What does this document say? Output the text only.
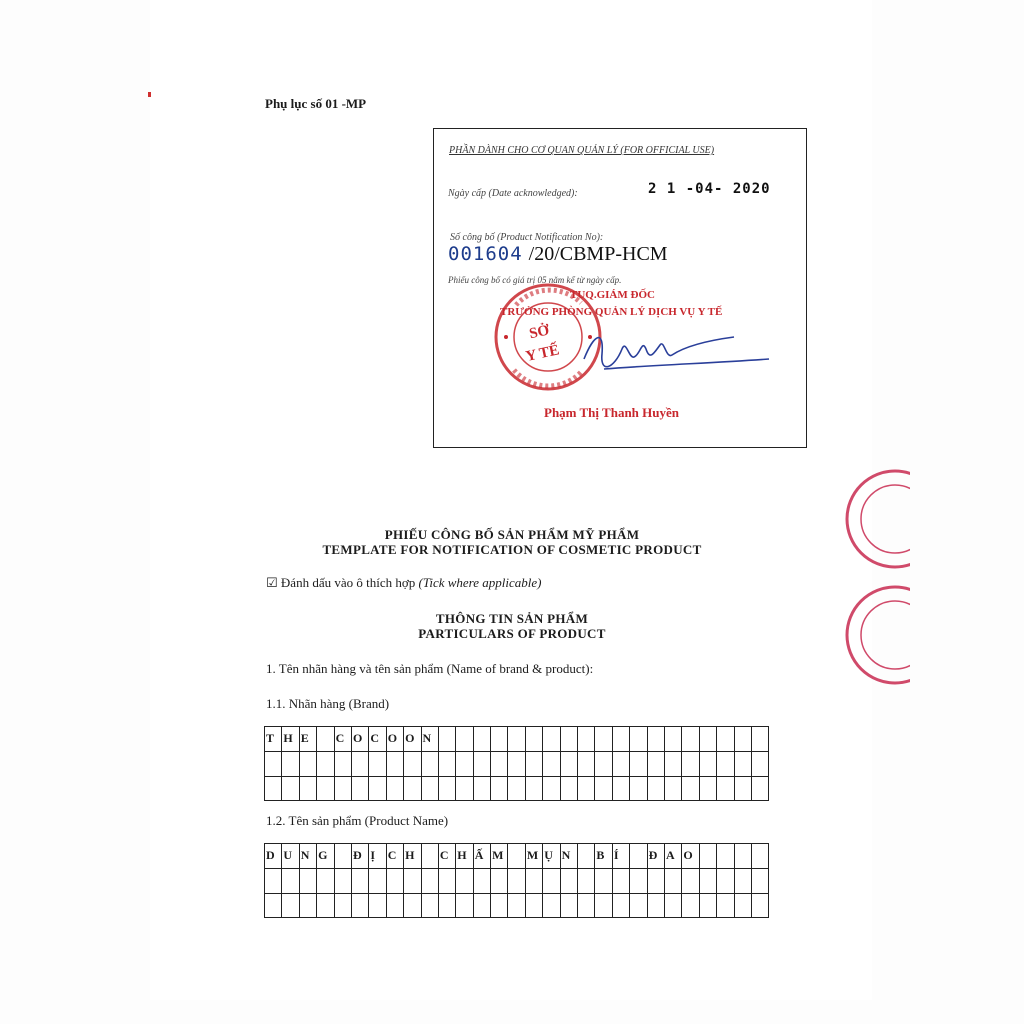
Phụ lục số 01 -MP
PHẦN DÀNH CHO CƠ QUAN QUẢN LÝ (FOR OFFICIAL USE)
Ngày cấp (Date acknowledged):	2 1 -04- 2020
Số công bố (Product Notification No):
001604 /20/CBMP-HCM
Phiếu công bố có giá trị 05 năm kể từ ngày cấp.
TUQ.GIÁM ĐỐC
TRƯỞNG PHÒNG QUẢN LÝ DỊCH VỤ Y TẾ
SỞ
Y TẾ
Phạm Thị Thanh Huyền
PHIẾU CÔNG BỐ SẢN PHẨM MỸ PHẨM
TEMPLATE FOR NOTIFICATION OF COSMETIC PRODUCT
☑ Đánh dấu vào ô thích hợp (Tick where applicable)
THÔNG TIN SẢN PHẨM
PARTICULARS OF PRODUCT
1. Tên nhãn hàng và tên sản phẩm (Name of brand & product):
1.1. Nhãn hàng (Brand)
T	H	E		C	O	C	O	O	N																			

1.2. Tên sản phẩm (Product Name)
D	U	N	G		Đ	Ị	C	H		C	H	Ấ	M		M	Ụ	N		B	Í		Đ	A	O				
